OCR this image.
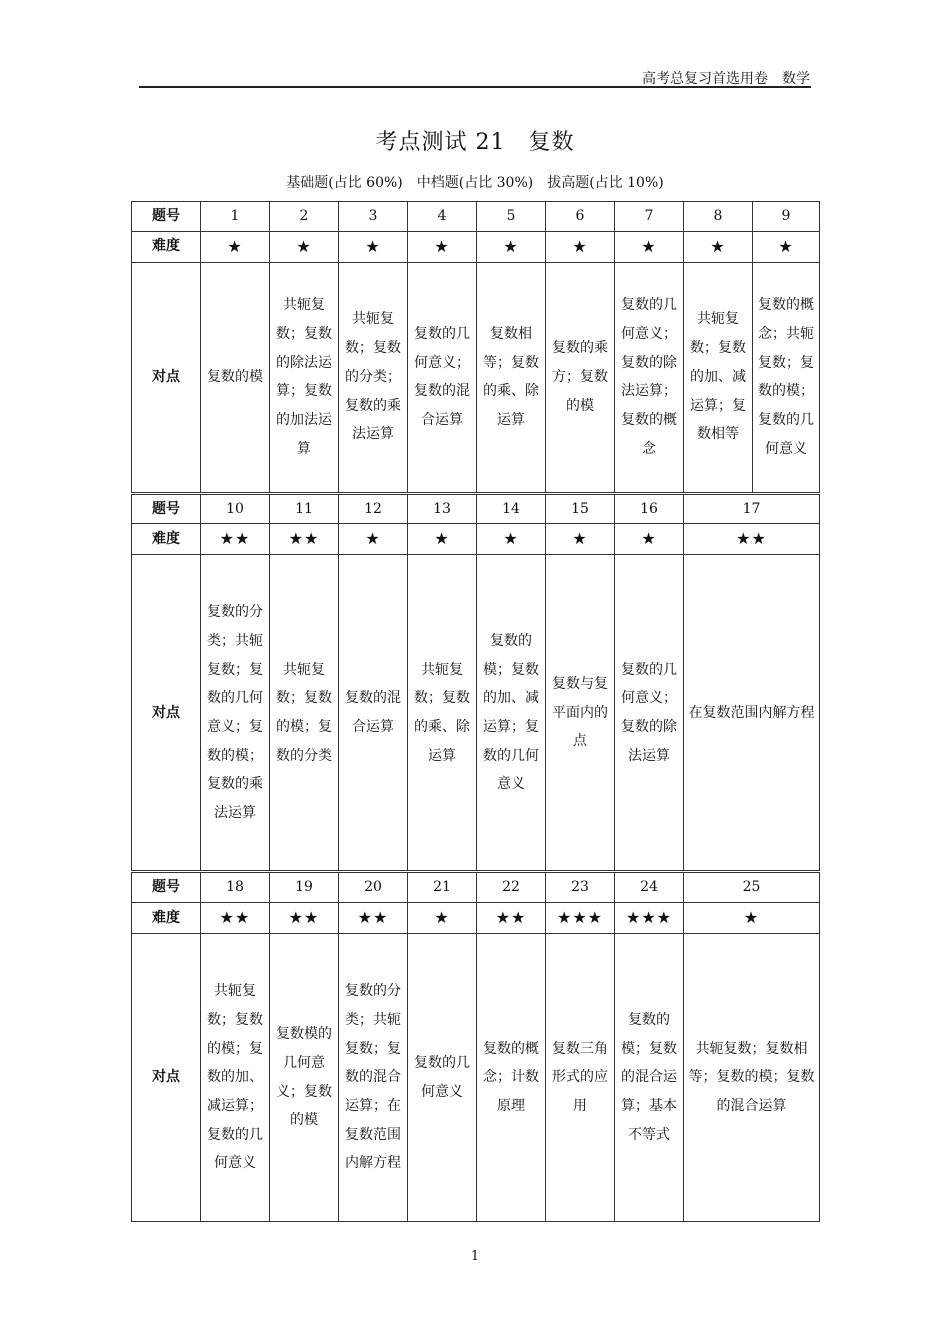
高考总复习首选用卷　数学
考点测试 21　复数
基础题(占比 60%)　中档题(占比 30%)　拔高题(占比 10%)
题号	1	2	3	4	5	6	7	8	9
难度	★	★	★	★	★	★	★	★	★
对点	复数的模	共轭复数；复数的除法运算；复数的加法运算	共轭复数；复数的分类；复数的乘法运算	复数的几何意义；复数的混合运算	复数相等；复数的乘、除运算	复数的乘方；复数的模	复数的几何意义；复数的除法运算；复数的概念	共轭复数；复数的加、减运算；复数相等	复数的概念；共轭复数；复数的模；复数的几何意义
题号	10	11	12	13	14	15	16	17	
难度	★★	★★	★	★	★	★	★	★★	
对点	复数的分类；共轭复数；复数的几何意义；复数的模；复数的乘法运算	共轭复数；复数的模；复数的分类	复数的混合运算	共轭复数；复数的乘、除运算	复数的模；复数的加、减运算；复数的几何意义	复数与复平面内的点	复数的几何意义；复数的除法运算	在复数范围内解方程	
题号	18	19	20	21	22	23	24	25	
难度	★★	★★	★★	★	★★	★★★	★★★	★	
对点	共轭复数；复数的模；复数的加、减运算；复数的几何意义	复数模的几何意义；复数的模	复数的分类；共轭复数；复数的混合运算；在复数范围内解方程	复数的几何意义	复数的概念；计数原理	复数三角形式的应用	复数的模；复数的混合运算；基本不等式	共轭复数；复数相等；复数的模；复数的混合运算	
1
